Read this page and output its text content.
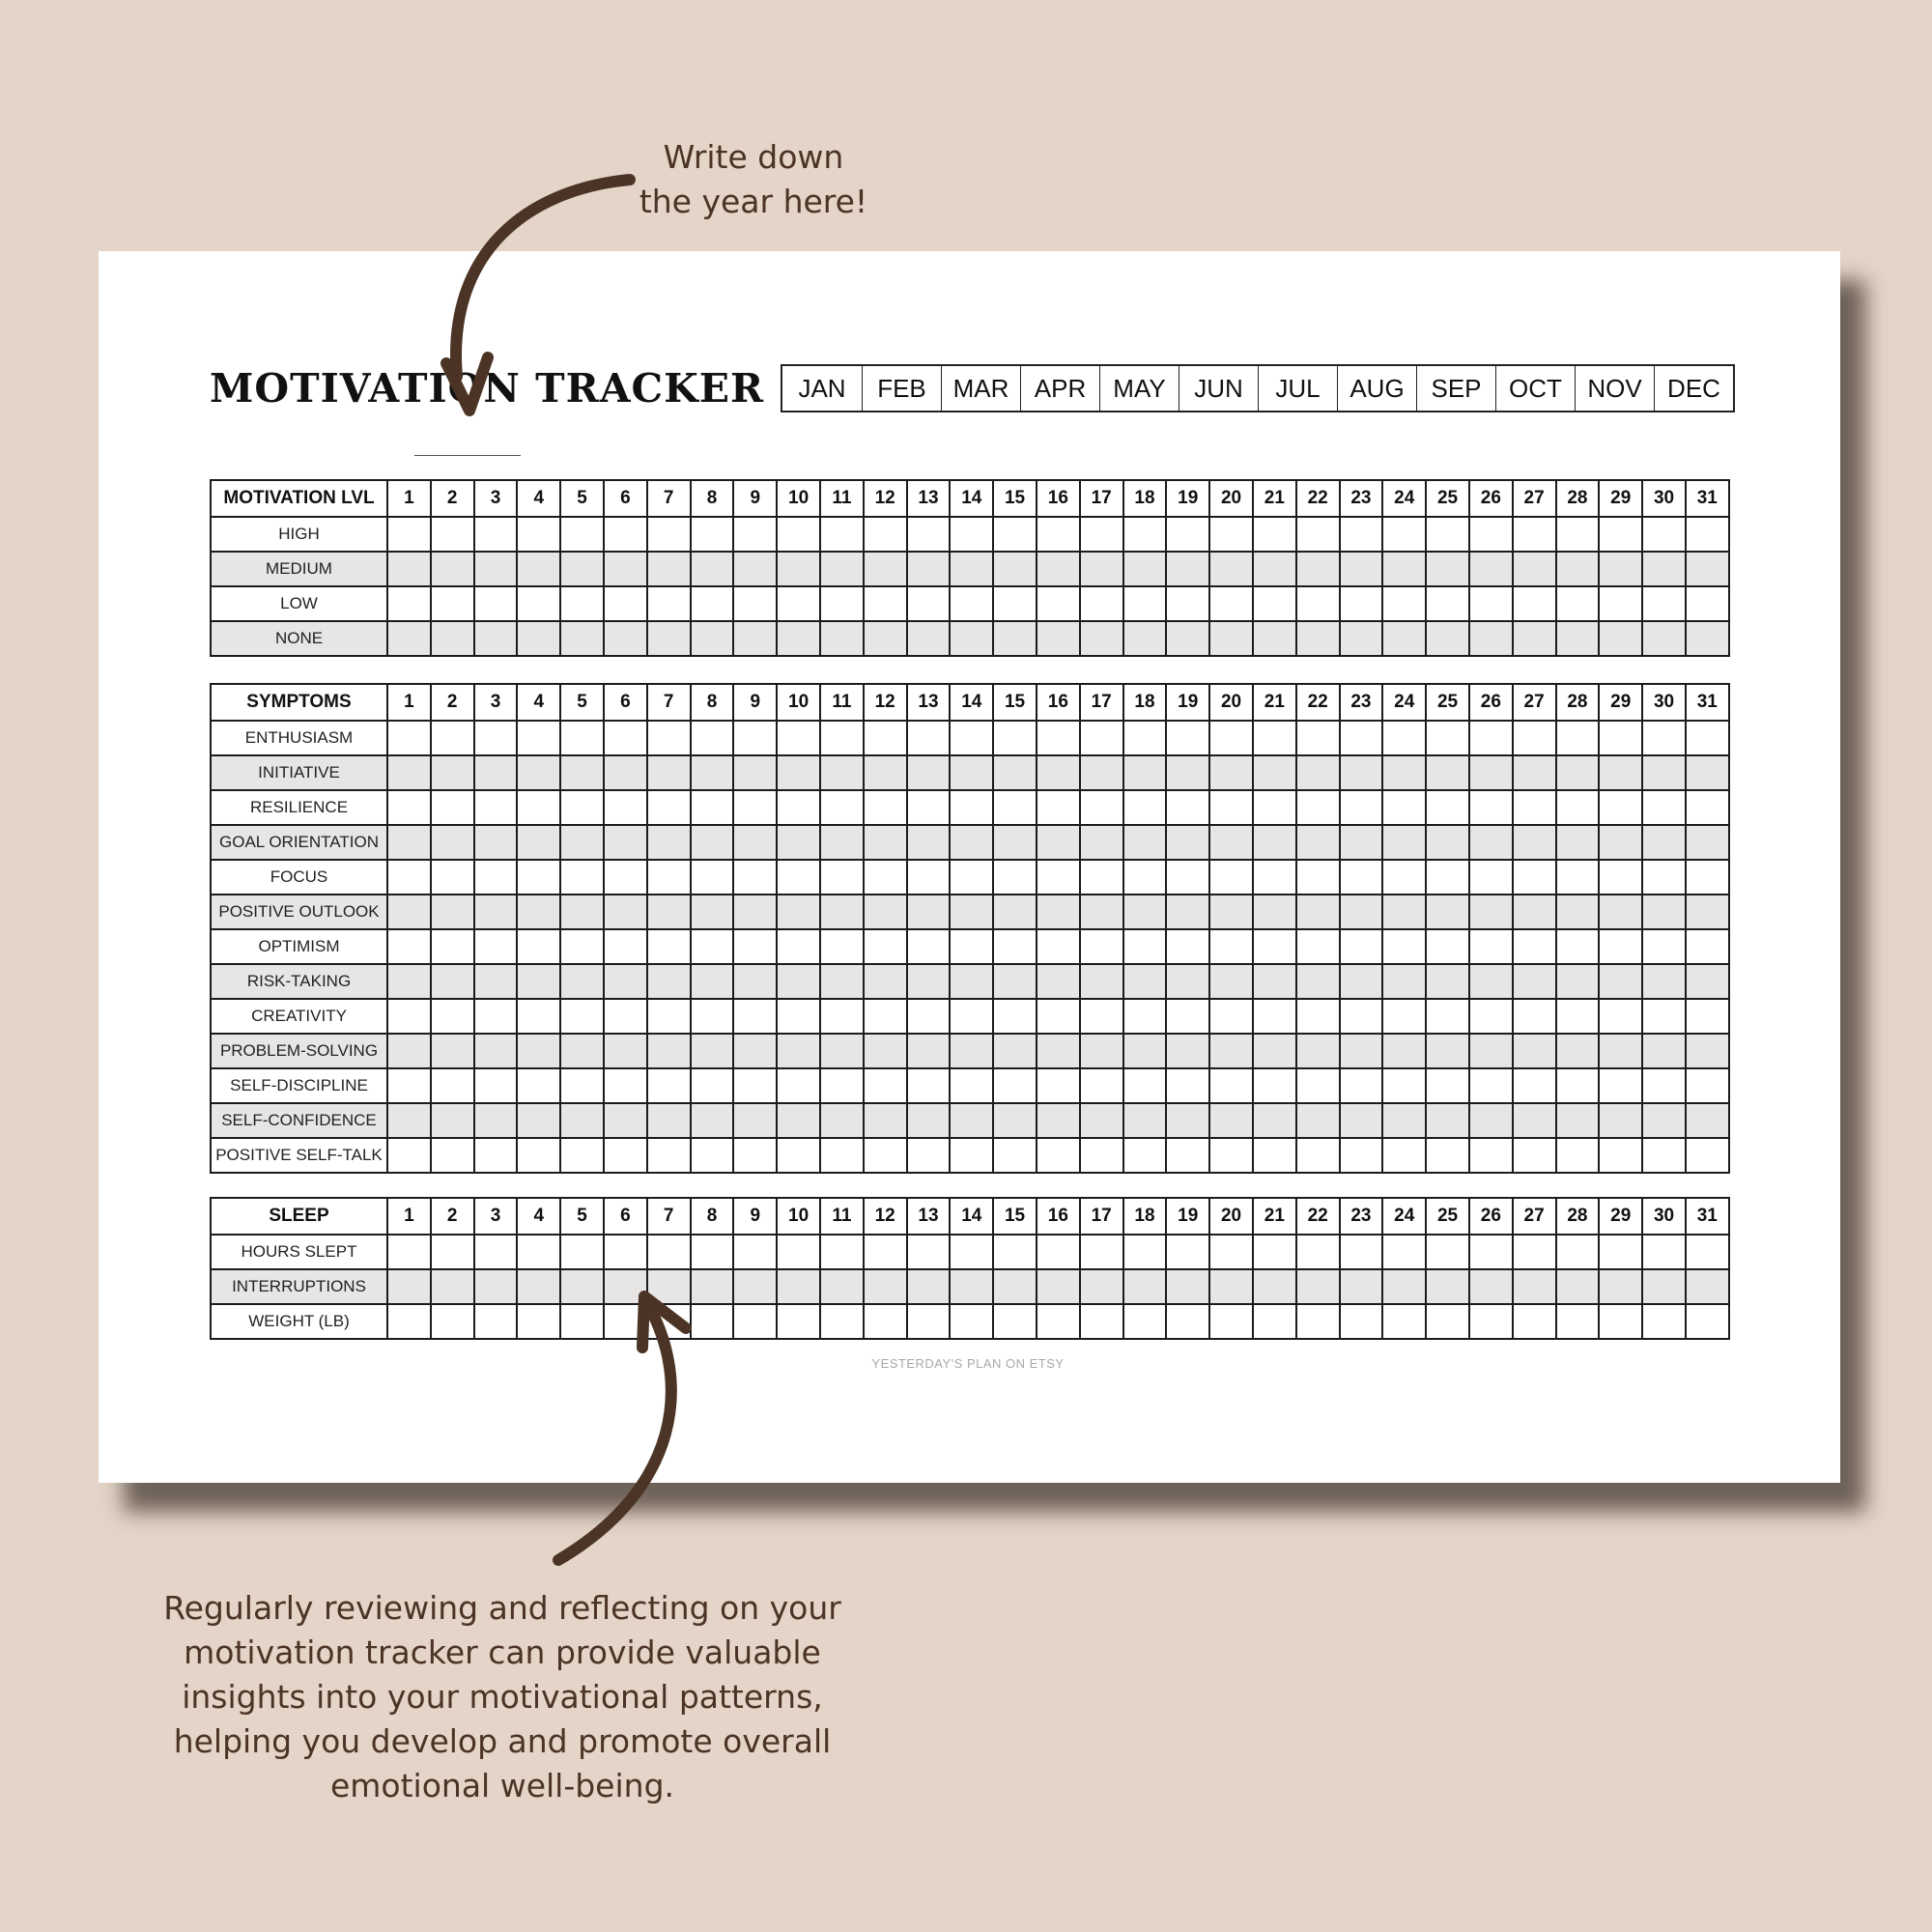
Write down
the year here!
MOTIVATION TRACKER	JAN	FEB	MAR	APR	MAY	JUN	JUL	AUG	SEP	OCT	NOV	DEC
MOTIVATION LVL	1	2	3	4	5	6	7	8	9	10	11	12	13	14	15	16	17	18	19	20	21	22	23	24	25	26	27	28	29	30	31
HIGH																															
MEDIUM																															
LOW																															
NONE																															
SYMPTOMS	1	2	3	4	5	6	7	8	9	10	11	12	13	14	15	16	17	18	19	20	21	22	23	24	25	26	27	28	29	30	31
ENTHUSIASM																															
INITIATIVE																															
RESILIENCE																															
GOAL ORIENTATION																															
FOCUS																															
POSITIVE OUTLOOK																															
OPTIMISM																															
RISK-TAKING																															
CREATIVITY																															
PROBLEM-SOLVING																															
SELF-DISCIPLINE																															
SELF-CONFIDENCE																															
POSITIVE SELF-TALK																															
SLEEP	1	2	3	4	5	6	7	8	9	10	11	12	13	14	15	16	17	18	19	20	21	22	23	24	25	26	27	28	29	30	31
HOURS SLEPT																															
INTERRUPTIONS																															
WEIGHT (LB)																															
YESTERDAY'S PLAN ON ETSY
Regularly reviewing and reflecting on your
motivation tracker can provide valuable
insights into your motivational patterns,
helping you develop and promote overall
emotional well-being.
